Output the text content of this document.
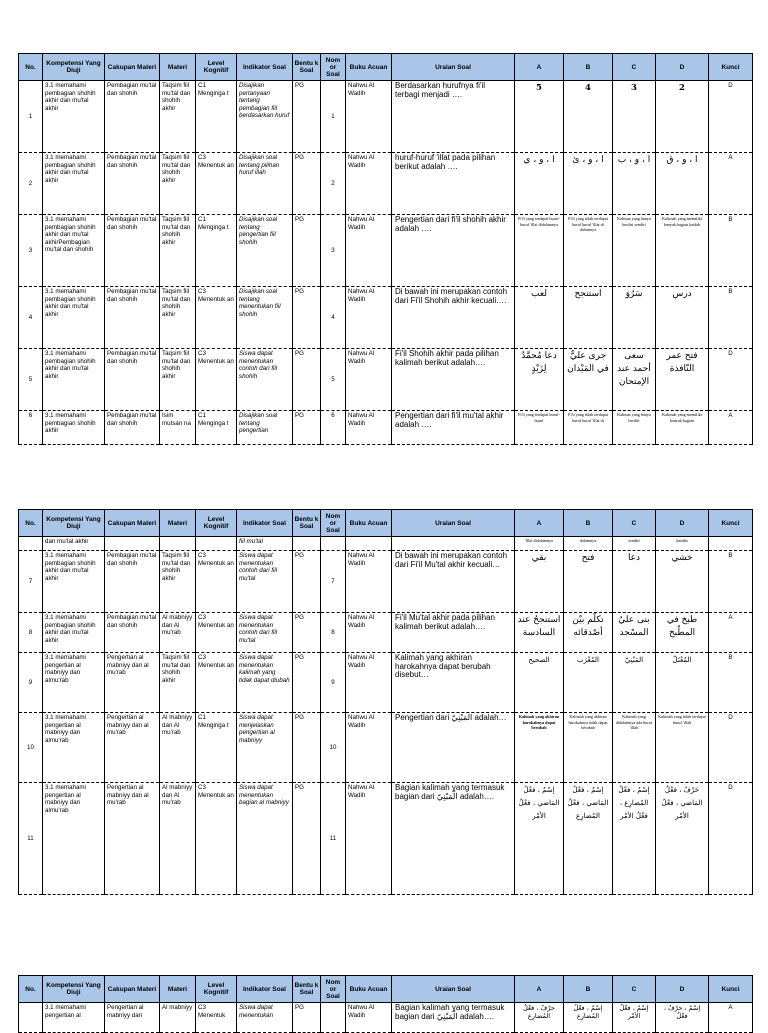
No.	Kompetensi Yang Diuji	Cakupan Materi	Materi	Level Kognitif	Indikator Soal	Bentu k Soal	Nom or Soal	Buku Acuan	Uraian Soal	A	B	C	D	Kunci
1	3.1 memahami pembagian shohih akhir dan mu'tal akhir	Pembagian mu'tal dan shohih	Taqsim fiil mu'tal dan shohih akhir	C1 Menginga t	Disajikan pertanyaan tentang pembagian fiil berdasarkan huruf	PG	1	Nahwu Al Wadih	Berdasarkan hurufnya fi'il terbagi menjadi ….	5	4	3	2	D
2	3.1 memahami pembagian shohih akhir dan mu'tal akhir	Pembagian mu'tal dan shohih	Taqsim fiil mu'tal dan shohih akhir	C3 Menentuk an	Disajikan soal tentang pilihan huruf illah	PG	2	Nahwu Al Wadih	huruf-huruf 'illat pada pilihan berikut adalah ….	ا ، و ، ي	ا ، و ، ئ	ا ، و ، ب	ا ، و ، ق	A
3	3.1 memahami pembagian shohih akhir dan mu'tal akhirPembagian mu'tal dan shohih	Pembagian mu'tal dan shohih	Taqsim fiil mu'tal dan shohih akhir	C1 Menginga t	Disajikan soal tentang pengertian fiil shohih	PG	3	Nahwu Al Wadih	Pengertian dari fi'il shohih akhir adalah ….	Fi'il yang terdapat huruf-huruf 'illat didalamnya	Fi'il yang tidak terdapat huruf huruf 'illat di dalamnya	Kalimat yang hanya berdiri sendiri	Kalimah yang memiliki banyak bagian kaidah	B
4	3.1 memahami pembagian shohih akhir dan mu'tal akhir	Pembagian mu'tal dan shohih	Taqsim fiil mu'tal dan shohih akhir	C3 Menentuk an	Disajikan soal tentang menentukan fiil shohih	PG	4	Nahwu Al Wadih	Di bawah ini merupakan contoh dari Fi'il Shohih akhir kecuali….	لعب	استنجح	سَرُوَ	درس	B
5	3.1 memahami pembagian shohih akhir dan mu'tal akhir	Pembagian mu'tal dan shohih	Taqsim fiil mu'tal dan shohih akhir	C3 Menentuk an	Siswa dapat menentukan contoh dari fiil shohih	PG	5	Nahwu Al Wadih	Fi'il Shohih akhir pada pilihan kalimah berikut adalah….	دعا مُحمَّدٌ لِزَيْدٍ	جرى عليٌّ في المَيْدان	سعى أحمد عند الإمتحان	فتح عمر النّافذة	D
6	3.1 memahami pembagian shohih akhir	Pembagian mu'tal dan shohih	Isim mutsan na	C1 Menginga t	Disajikan soal tentang pengertian	PG	6	Nahwu Al Wadih	Pengertian dari fi'il mu'tal akhir adalah ….	Fi'il yang terdapat huruf-huruf	Fi'il yang tidak terdapat huruf huruf 'illat di	Kalimat yang hanya berdiri	Kalimah yang memiliki banyak bagian	A
No.	Kompetensi Yang Diuji	Cakupan Materi	Materi	Level Kognitif	Indikator Soal	Bentu k Soal	Nom or Soal	Buku Acuan	Uraian Soal	A	B	C	D	Kunci
	dan mu'tal akhir				fiil mu'tal					'illat didalamnya	dalamnya	sendiri	kaidah	
7	3.1 memahami pembagian shohih akhir dan mu'tal akhir	Pembagian mu'tal dan shohih	Taqsim fiil mu'tal dan shohih akhir	C3 Menentuk an	Siswa dapat menentukan contoh dari fiil mu'tal	PG	7	Nahwu Al Wadih	Di bawah ini merupakan contoh dari Fi'il Mu'tal akhir kecuali…	بقي	فتح	دعا	خشي	B
8	3.1 memahami pembagian shohih akhir dan mu'tal akhir	Pembagian mu'tal dan shohih	Al mabniyy dan Al mu'rab	C3 Menentuk an	Siswa dapat menentukan contoh dari fiil mu'tal	PG	8	Nahwu Al Wadih	Fi'il Mu'tal akhir pada pilihan kalimah berikut adalah….	استنجحُ عند السادسة	تكلّم بيْن أصْدقائه	بنى عليٌ المسْجد	طبخ في المطْبخ	A
9	3.1 memahami pengertian al mabniyy dan almu'rab	Pengertian al mabniyy dan al mu'rab	Taqsim fiil mu'tal dan shohih akhir	C3 Menentuk an	Siswa dapat menentukan kalimah yang tidak dapat diubah	PG	9	Nahwu Al Wadih	Kalimah yang akhiran harokahnya dapat berubah disebut…	الصحيح	المُعْرَب	المَبْنِيّ	المُعْتَلّ	B
10	3.1 memahami pengertian al mabniyy dan almu'rab	Pengertian al mabniyy dan al mu'rab	Al mabniyy dan Al mu'rab	C1 Menginga t	Siswa dapat menjelaskan pengertian al mabniyy	PG	10	Nahwu Al Wadih	Pengertian dari الْمَبْنِيّ adalah…	Kalimah yang akhiran harokahnya dapat berubah	Kalimah yang akhiran harokahnya tidak dapat berubah	Kalimah yang didalamnya ada huruf 'illah	Kalimah yang tidak terdapat huruf 'illah	D
11	3.1 memahami pengertian al mabniyy dan almu'rab	Pengertian al mabniyy dan al mu'rab	Al mabniyy dan Al mu'rab	C3 Menentuk an	Siswa dapat menentukan bagian al mabniyy	PG	11	Nahwu Al Wadih	Bagian kalimah yang termasuk bagian dari الْمَبْنِيّ adalah….	إسْمٌ ، فعْلٌ المَاضي ، فعْلُ الأمْر	إسْمٌ ، فعْلٌ المَاضي ، فعْلُ المُضارِع	إسْمٌ ، فعْلٌ المُضارِع ، فعْلُ الأمْر	حَرْفٌ ، فعْلٌ المَاضي ، فعْلُ الأمْر	D
No.	Kompetensi Yang Diuji	Cakupan Materi	Materi	Level Kognitif	Indikator Soal	Bentu k Soal	Nom or Soal	Buku Acuan	Uraian Soal	A	B	C	D	Kunci
	3.1 memahami pengertian al	Pengertian al mabniyy dan	Al mabniyy	C3 Menentuk	Siswa dapat menentukan	PG		Nahwu Al Wadih	Bagian kalimah yang termasuk bagian dari الْمَبْنِيّ adalah….	حرْفٌ ، فعْلٌ المُضارِع	إسْمٌ ، فعْلٌ المُضارِع	إسْمٌ ، فعْلٌ الأمْر	إسْمٌ ، حرْفٌ ، فعْلٌ	A
